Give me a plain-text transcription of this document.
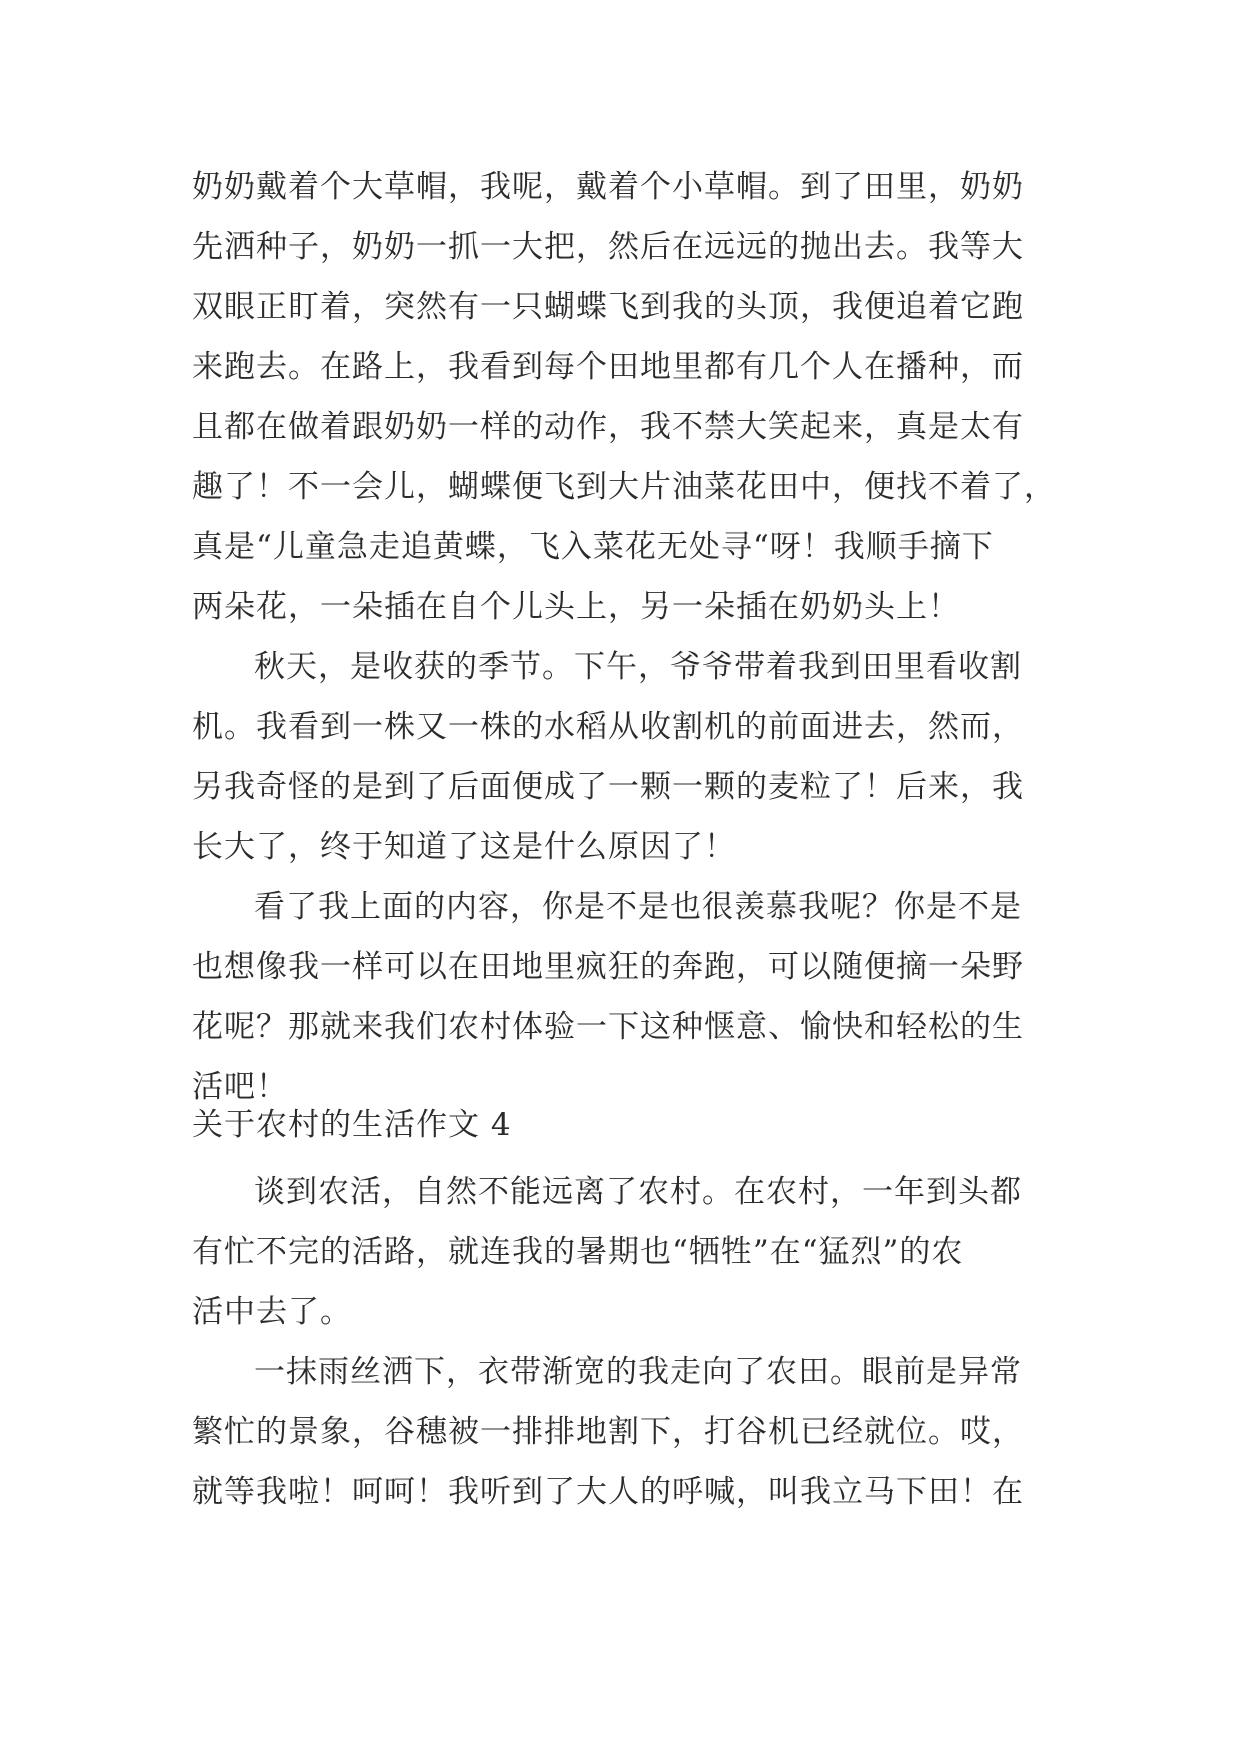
奶奶戴着个大草帽，我呢，戴着个小草帽。到了田里，奶奶
先洒种子，奶奶一抓一大把，然后在远远的抛出去。我等大
双眼正盯着，突然有一只蝴蝶飞到我的头顶，我便追着它跑
来跑去。在路上，我看到每个田地里都有几个人在播种，而
且都在做着跟奶奶一样的动作，我不禁大笑起来，真是太有
趣了！不一会儿，蝴蝶便飞到大片油菜花田中，便找不着了，
真是“儿童急走追黄蝶，飞入菜花无处寻“呀！我顺手摘下
两朵花，一朵插在自个儿头上，另一朵插在奶奶头上！
秋天，是收获的季节。下午，爷爷带着我到田里看收割
机。我看到一株又一株的水稻从收割机的前面进去，然而，
另我奇怪的是到了后面便成了一颗一颗的麦粒了！后来，我
长大了，终于知道了这是什么原因了！
看了我上面的内容，你是不是也很羡慕我呢？你是不是
也想像我一样可以在田地里疯狂的奔跑，可以随便摘一朵野
花呢？那就来我们农村体验一下这种惬意、愉快和轻松的生
活吧！
关于农村的生活作文 4
谈到农活，自然不能远离了农村。在农村，一年到头都
有忙不完的活路，就连我的暑期也“牺牲”在“猛烈”的农
活中去了。
一抹雨丝洒下，衣带渐宽的我走向了农田。眼前是异常
繁忙的景象，谷穗被一排排地割下，打谷机已经就位。哎，
就等我啦！呵呵！我听到了大人的呼喊，叫我立马下田！在
